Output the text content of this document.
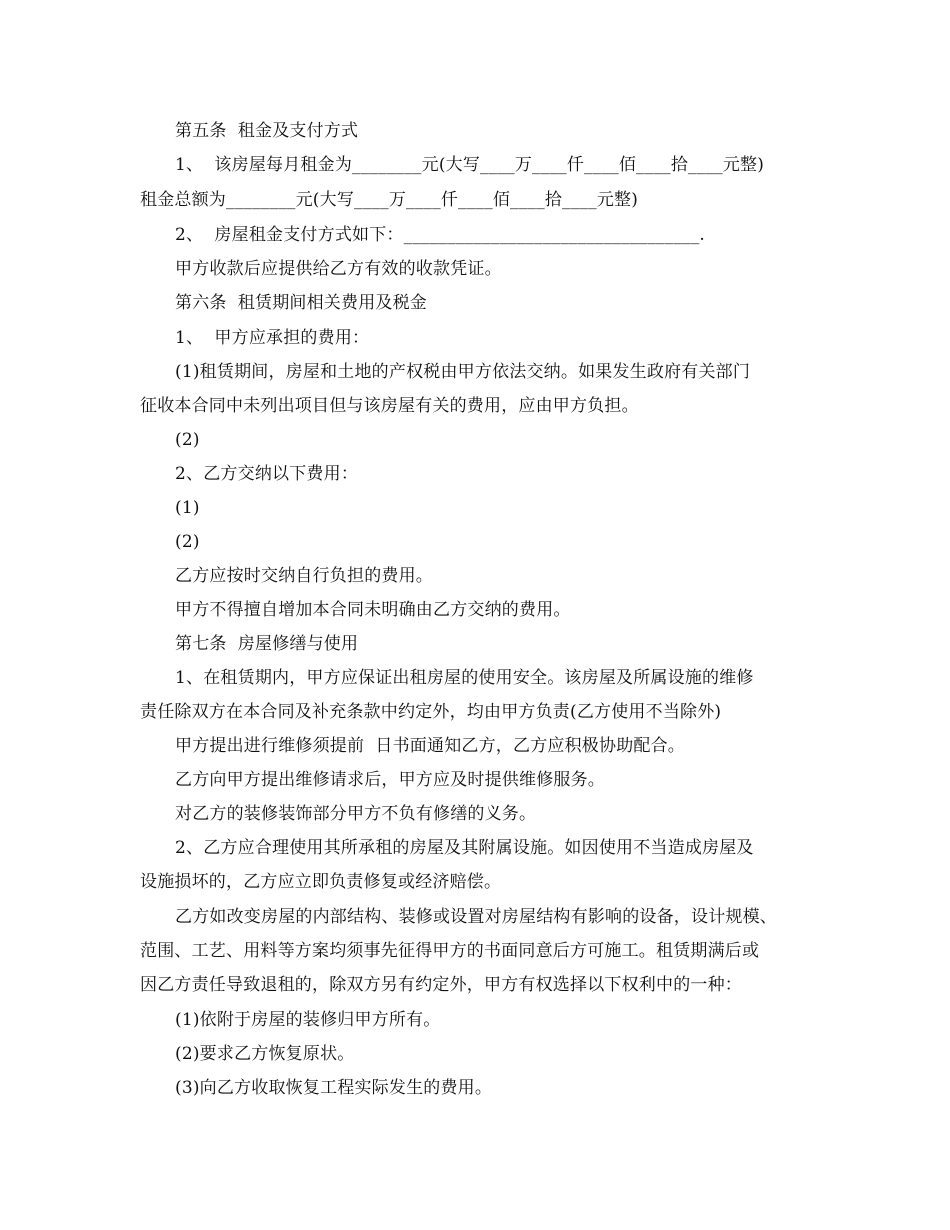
第五条  租金及支付方式
1、  该房屋每月租金为________元(大写____万____仟____佰____拾____元整)
租金总额为________元(大写____万____仟____佰____拾____元整)
2、  房屋租金支付方式如下：__________________________________.
甲方收款后应提供给乙方有效的收款凭证。
第六条  租赁期间相关费用及税金
1、  甲方应承担的费用：
(1)租赁期间，房屋和土地的产权税由甲方依法交纳。如果发生政府有关部门
征收本合同中未列出项目但与该房屋有关的费用，应由甲方负担。
(2)
2、乙方交纳以下费用：
(1)
(2)
乙方应按时交纳自行负担的费用。
甲方不得擅自增加本合同未明确由乙方交纳的费用。
第七条  房屋修缮与使用
1、在租赁期内，甲方应保证出租房屋的使用安全。该房屋及所属设施的维修
责任除双方在本合同及补充条款中约定外，均由甲方负责(乙方使用不当除外)
甲方提出进行维修须提前  日书面通知乙方，乙方应积极协助配合。
乙方向甲方提出维修请求后，甲方应及时提供维修服务。
对乙方的装修装饰部分甲方不负有修缮的义务。
2、乙方应合理使用其所承租的房屋及其附属设施。如因使用不当造成房屋及
设施损坏的，乙方应立即负责修复或经济赔偿。
乙方如改变房屋的内部结构、装修或设置对房屋结构有影响的设备，设计规模、
范围、工艺、用料等方案均须事先征得甲方的书面同意后方可施工。租赁期满后或
因乙方责任导致退租的，除双方另有约定外，甲方有权选择以下权利中的一种：
(1)依附于房屋的装修归甲方所有。
(2)要求乙方恢复原状。
(3)向乙方收取恢复工程实际发生的费用。
